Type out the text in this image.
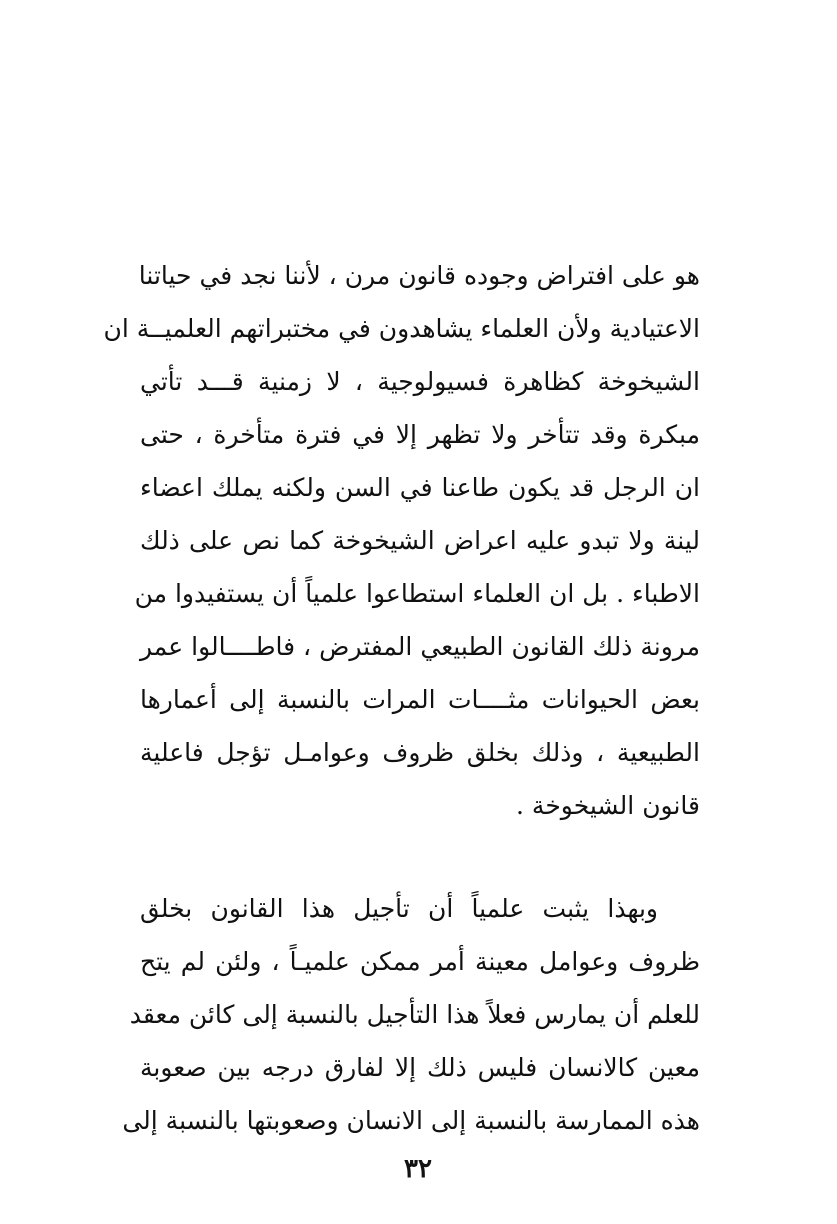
هو على افتراض وجوده قانون مرن ، لأننا نجد في حياتنا
الاعتيادية ولأن العلماء يشاهدون في مختبراتهم العلميــة ان
الشيخوخة كظاهرة فسيولوجية ، لا زمنية قـــد تأتي
مبكرة وقد تتأخر ولا تظهر إلا في فترة متأخرة ، حتى
ان الرجل قد يكون طاعنا في السن ولكنه يملك اعضاء
لينة ولا تبدو عليه اعراض الشيخوخة كما نص على ذلك
الاطباء . بل ان العلماء استطاعوا علمياً أن يستفيدوا من
مرونة ذلك القانون الطبيعي المفترض ، فاطــــالوا عمر
بعض الحيوانات مثــــات المرات بالنسبة إلى أعمارها
الطبيعية ، وذلك بخلق ظروف وعوامـل تؤجل فاعلية
قانون الشيخوخة .
وبهذا يثبت علمياً أن تأجيل هذا القانون بخلق
ظروف وعوامل معينة أمر ممكن علميـاً ، ولئن لم يتح
للعلم أن يمارس فعلاً هذا التأجيل بالنسبة إلى كائن معقد
معين كالانسان فليس ذلك إلا لفارق درجه بين صعوبة
هذه الممارسة بالنسبة إلى الانسان وصعوبتها بالنسبة إلى
٣٢
